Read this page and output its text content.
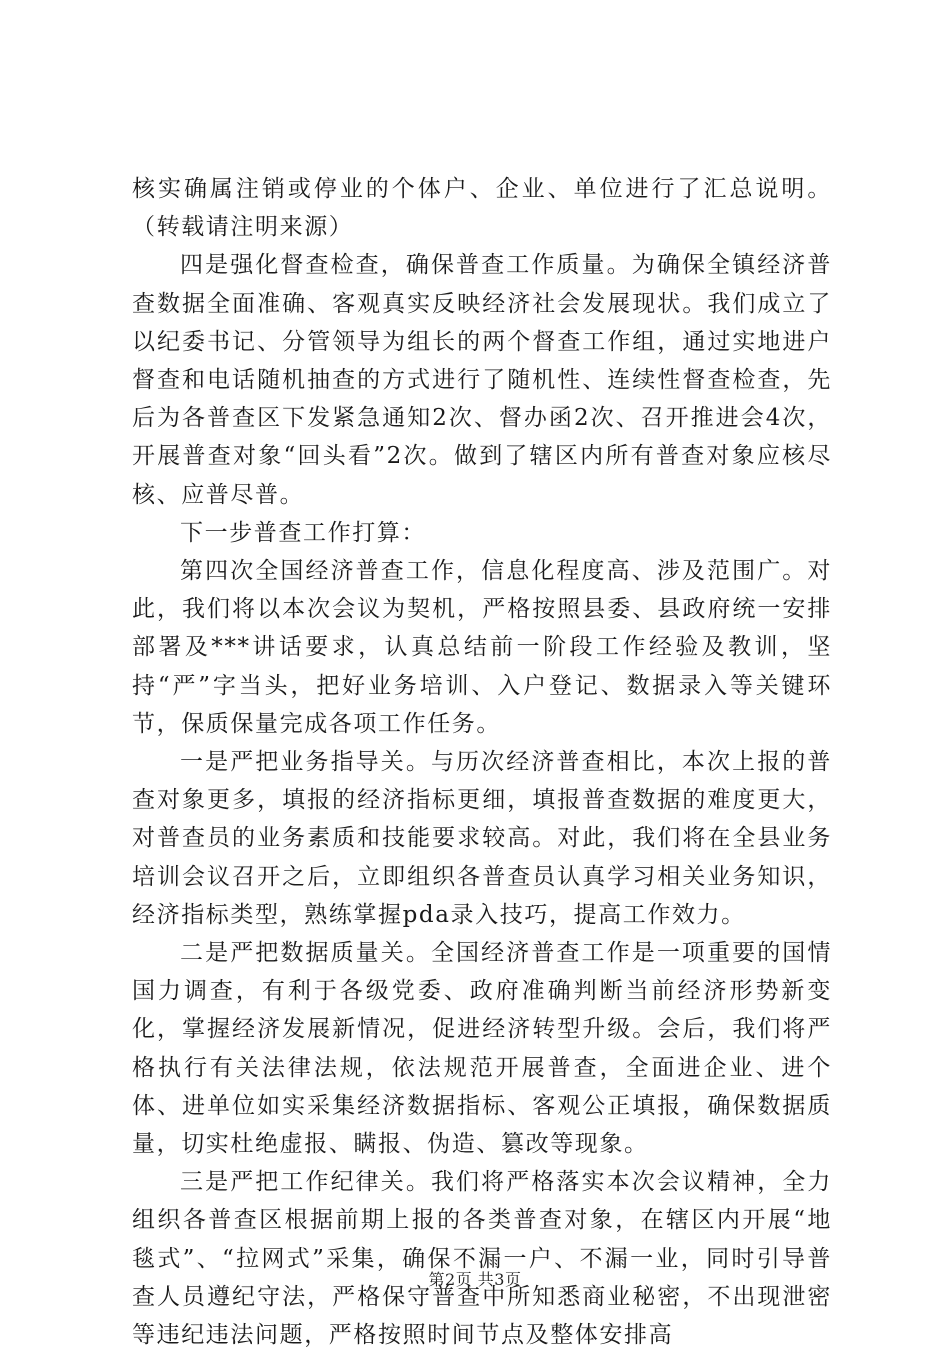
核实确属注销或停业的个体户、企业、单位进行了汇总说明。（转载请注明来源）

四是强化督查检查，确保普查工作质量。为确保全镇经济普查数据全面准确、客观真实反映经济社会发展现状。我们成立了以纪委书记、分管领导为组长的两个督查工作组，通过实地进户督查和电话随机抽查的方式进行了随机性、连续性督查检查，先后为各普查区下发紧急通知2次、督办函2次、召开推进会4次，开展普查对象“回头看”2次。做到了辖区内所有普查对象应核尽核、应普尽普。

下一步普查工作打算：

第四次全国经济普查工作，信息化程度高、涉及范围广。对此，我们将以本次会议为契机，严格按照县委、县政府统一安排部署及***讲话要求，认真总结前一阶段工作经验及教训，坚持“严”字当头，把好业务培训、入户登记、数据录入等关键环节，保质保量完成各项工作任务。

一是严把业务指导关。与历次经济普查相比，本次上报的普查对象更多，填报的经济指标更细，填报普查数据的难度更大，对普查员的业务素质和技能要求较高。对此，我们将在全县业务培训会议召开之后，立即组织各普查员认真学习相关业务知识，经济指标类型，熟练掌握pda录入技巧，提高工作效力。

二是严把数据质量关。全国经济普查工作是一项重要的国情国力调查，有利于各级党委、政府准确判断当前经济形势新变化，掌握经济发展新情况，促进经济转型升级。会后，我们将严格执行有关法律法规，依法规范开展普查，全面进企业、进个体、进单位如实采集经济数据指标、客观公正填报，确保数据质量，切实杜绝虚报、瞒报、伪造、篡改等现象。

三是严把工作纪律关。我们将严格落实本次会议精神，全力组织各普查区根据前期上报的各类普查对象，在辖区内开展“地毯式”、“拉网式”采集，确保不漏一户、不漏一业，同时引导普查人员遵纪守法，严格保守普查中所知悉商业秘密，不出现泄密等违纪违法问题，严格按照时间节点及整体安排高

第2页 共3页
